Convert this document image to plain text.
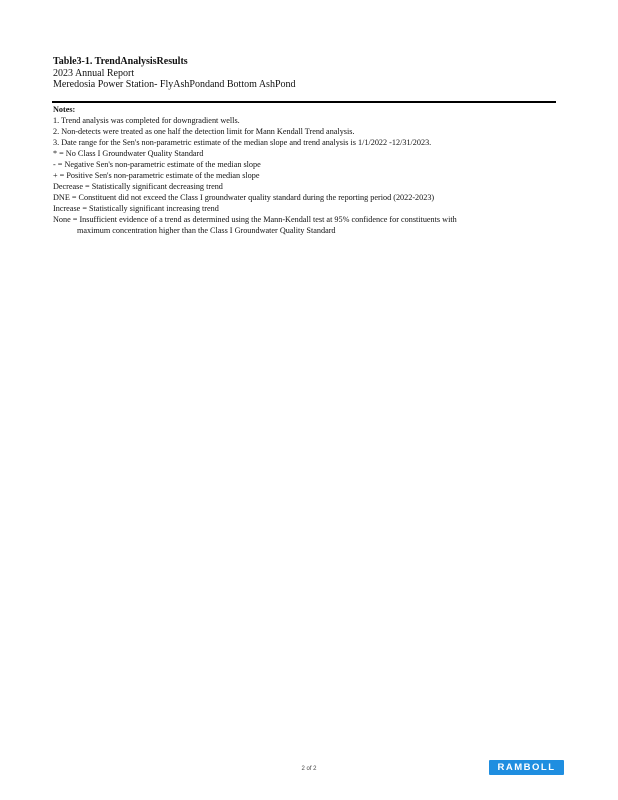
Table3-1. TrendAnalysisResults
2023 Annual Report
Meredosia Power Station- FlyAshPondand Bottom AshPond
Notes:
1. Trend analysis was completed for downgradient wells.
2. Non-detects were treated as one half the detection limit for Mann Kendall Trend analysis.
3. Date range for the Sen's non-parametric estimate of the median slope and trend analysis is 1/1/2022 -12/31/2023.
* = No Class I Groundwater Quality Standard
- = Negative Sen's non-parametric estimate of the median slope
+ = Positive Sen's non-parametric estimate of the median slope
Decrease = Statistically significant decreasing trend
DNE = Constituent did not exceed the Class I groundwater quality standard during the reporting period (2022-2023)
Increase = Statistically significant increasing trend
None = Insufficient evidence of a trend as determined using the Mann-Kendall test at 95% confidence for constituents with
maximum concentration higher than the Class I Groundwater Quality Standard
2 of 2	RAMBOLL
